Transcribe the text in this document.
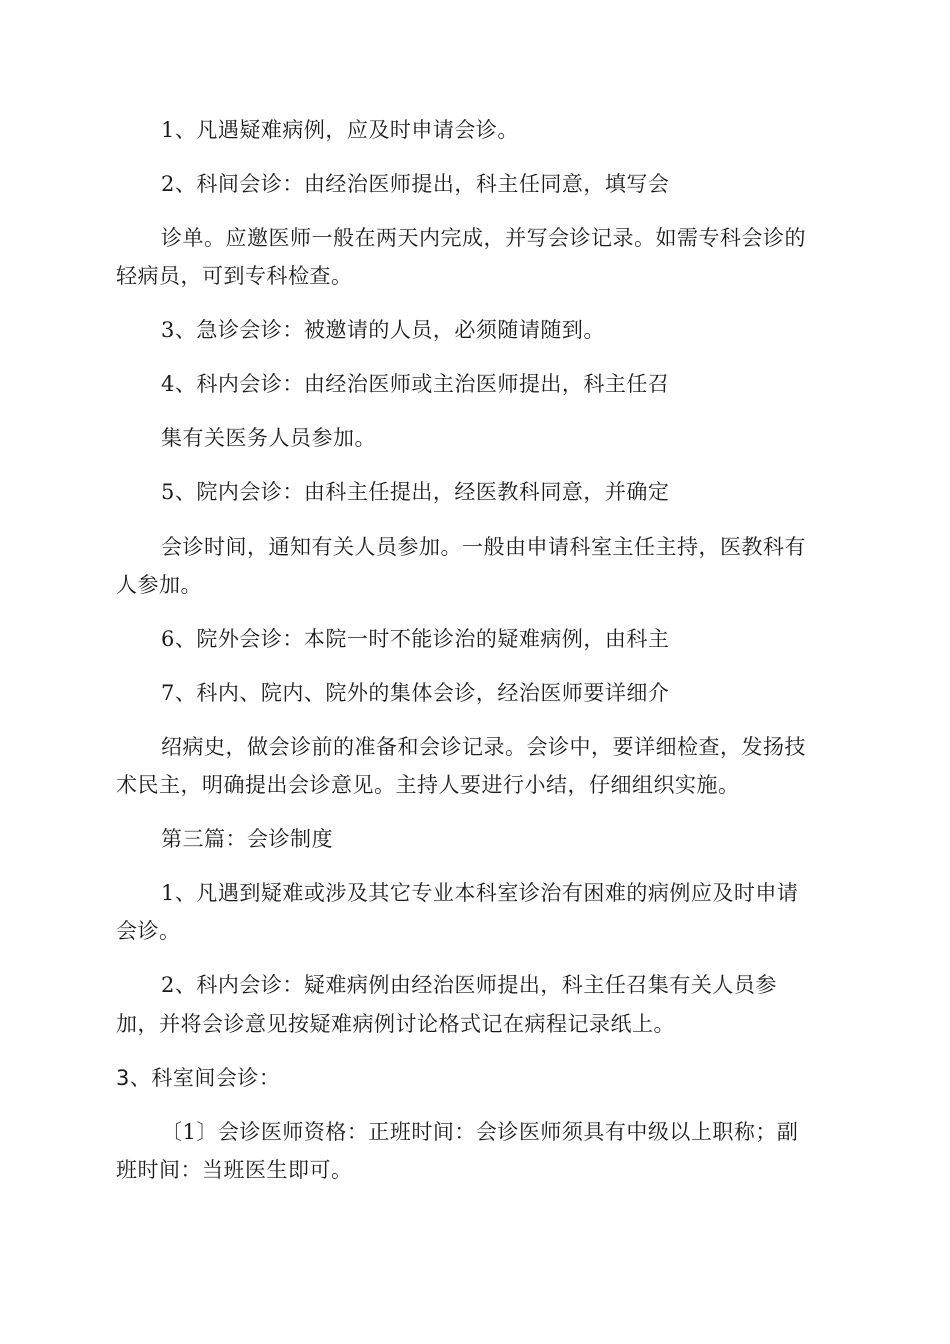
1、凡遇疑难病例，应及时申请会诊。
2、科间会诊：由经治医师提出，科主任同意，填写会
诊单。应邀医师一般在两天内完成，并写会诊记录。如需专科会诊的
轻病员，可到专科检查。
3、急诊会诊：被邀请的人员，必须随请随到。
4、科内会诊：由经治医师或主治医师提出，科主任召
集有关医务人员参加。
5、院内会诊：由科主任提出，经医教科同意，并确定
会诊时间，通知有关人员参加。一般由申请科室主任主持，医教科有
人参加。
6、院外会诊：本院一时不能诊治的疑难病例，由科主
7、科内、院内、院外的集体会诊，经治医师要详细介
绍病史，做会诊前的准备和会诊记录。会诊中，要详细检查，发扬技
术民主，明确提出会诊意见。主持人要进行小结，仔细组织实施。
第三篇：会诊制度
1、凡遇到疑难或涉及其它专业本科室诊治有困难的病例应及时申请
会诊。
2、科内会诊：疑难病例由经治医师提出，科主任召集有关人员参
加，并将会诊意见按疑难病例讨论格式记在病程记录纸上。
3、科室间会诊：
〔1〕会诊医师资格：正班时间：会诊医师须具有中级以上职称；副
班时间：当班医生即可。
